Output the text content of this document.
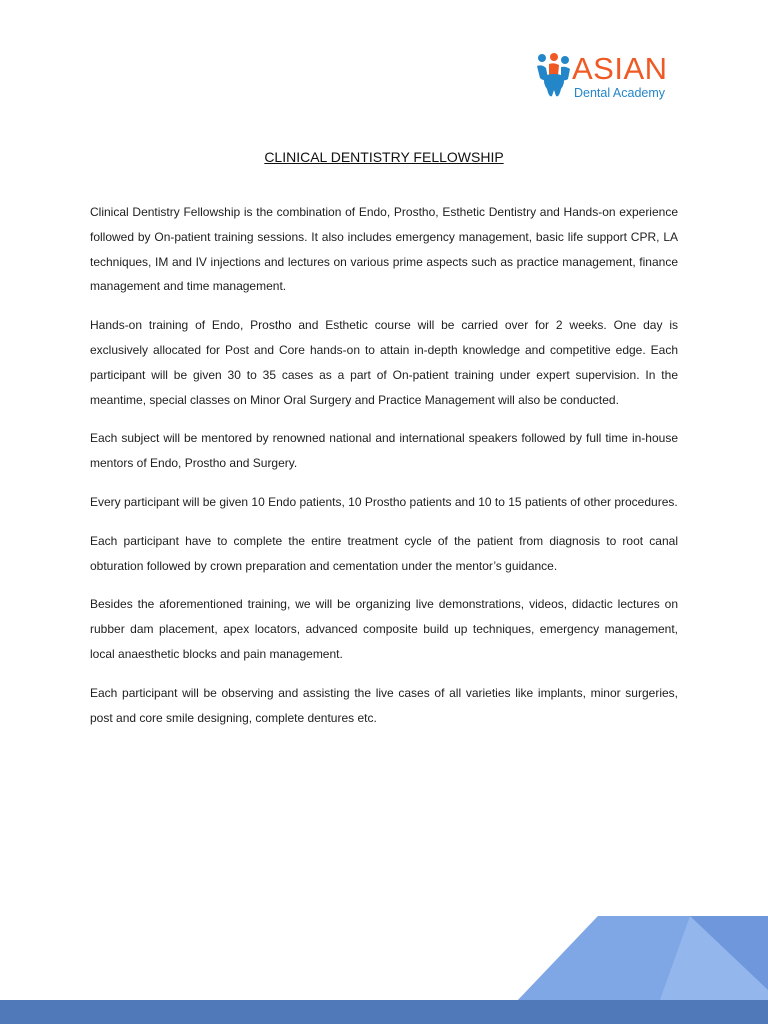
ASIAN
Dental Academy
CLINICAL DENTISTRY FELLOWSHIP

Clinical Dentistry Fellowship is the combination of Endo, Prostho, Esthetic Dentistry and Hands-on experience followed by On-patient training sessions. It also includes emergency management, basic life support CPR, LA techniques, IM and IV injections and lectures on various prime aspects such as practice management, finance management and time management.

Hands-on training of Endo, Prostho and Esthetic course will be carried over for 2 weeks. One day is exclusively allocated for Post and Core hands-on to attain in-depth knowledge and competitive edge. Each participant will be given 30 to 35 cases as a part of On-patient training under expert supervision. In the meantime, special classes on Minor Oral Surgery and Practice Management will also be conducted.

Each subject will be mentored by renowned national and international speakers followed by full time in-house mentors of Endo, Prostho and Surgery.

Every participant will be given 10 Endo patients, 10 Prostho patients and 10 to 15 patients of other procedures.

Each participant have to complete the entire treatment cycle of the patient from diagnosis to root canal obturation followed by crown preparation and cementation under the mentor’s guidance.

Besides the aforementioned training, we will be organizing live demonstrations, videos, didactic lectures on rubber dam placement, apex locators, advanced composite build up techniques, emergency management, local anaesthetic blocks and pain management.

Each participant will be observing and assisting the live cases of all varieties like implants, minor surgeries, post and core smile designing, complete dentures etc.
